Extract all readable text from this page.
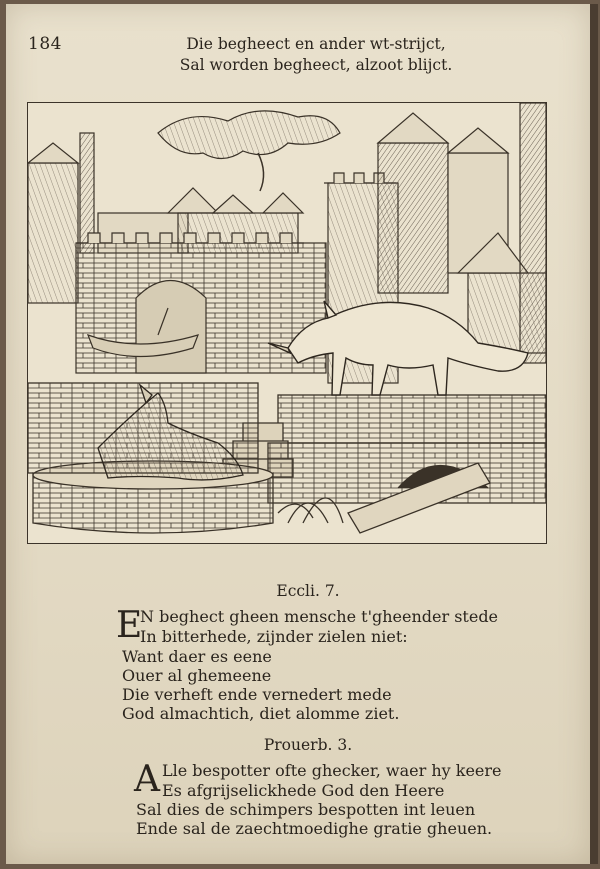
184	Die begheect en ander wt-strijct,
Sal worden begheect, alzoot blijct.
Eccli. 7.
E
N beghect gheen mensche t'gheender stede
In bitterhede, zijnder zielen niet:
Want daer es eene
Ouer al ghemeene
Die verheft ende vernedert mede
God almachtich, diet alomme ziet.
Prouerb. 3.
A Lle bespotter ofte ghecker, waer hy keere
Es afgrijselickhede God den Heere
Sal dies de schimpers bespotten int leuen
Ende sal de zaechtmoedighe gratie gheuen.
